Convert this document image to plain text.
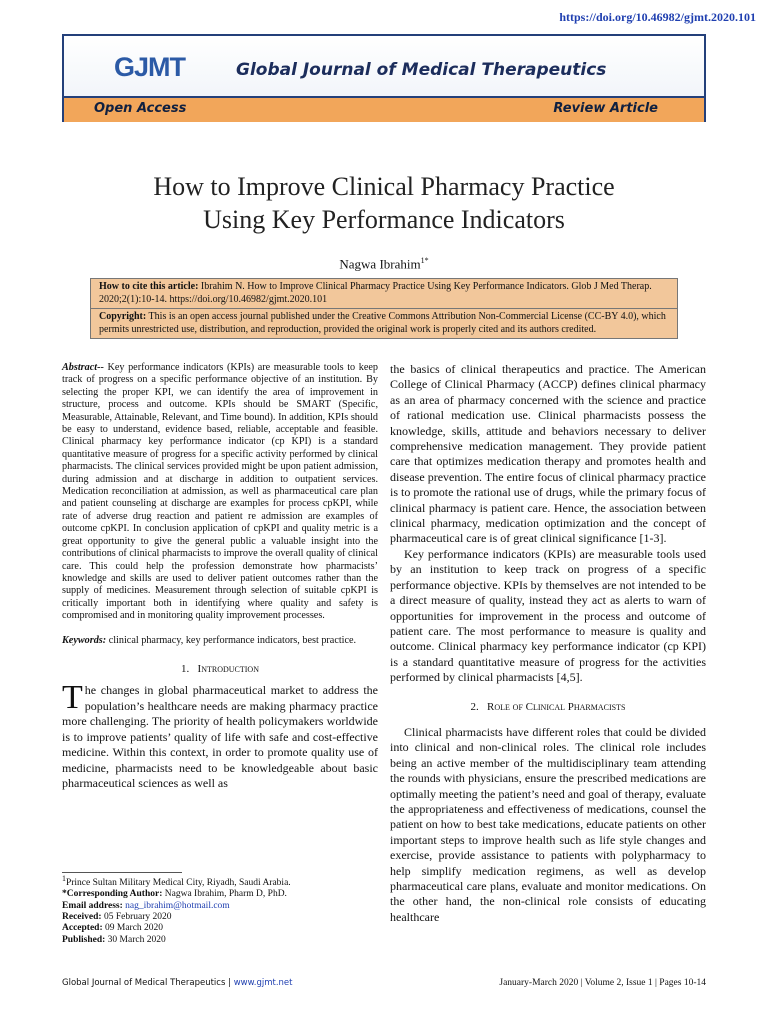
https://doi.org/10.46982/gjmt.2020.101
GJMT	Global Journal of Medical Therapeutics
Open Access	Review Article
How to Improve Clinical Pharmacy Practice
Using Key Performance Indicators
Nagwa Ibrahim$^{1*}$
How to cite this article: Ibrahim N. How to Improve Clinical Pharmacy Practice Using Key Performance Indicators. Glob J Med Therap. 2020;2(1):10-14. https://doi.org/10.46982/gjmt.2020.101
Copyright: This is an open access journal published under the Creative Commons Attribution Non-Commercial License (CC-BY 4.0), which permits unrestricted use, distribution, and reproduction, provided the original work is properly cited and its authors credited.

Abstract-- Key performance indicators (KPIs) are measurable tools to keep track of progress on a specific performance objective of an institution. By selecting the proper KPI, we can identify the area of improvement in structure, process and outcome. KPIs should be SMART (Specific, Measurable, Attainable, Relevant, and Time bound). In addition, KPIs should be easy to understand, evidence based, reliable, acceptable and feasible. Clinical pharmacy key performance indicator (cp KPI) is a standard quantitative measure of progress for a specific activity performed by clinical pharmacists. The clinical services provided might be upon patient admission, during admission and at discharge in addition to outpatient services. Medication reconciliation at admission, as well as pharmaceutical care plan and patient counseling at discharge are examples for process cpKPI, while rate of adverse drug reaction and patient re admission are examples of outcome cpKPI. In conclusion application of cpKPI and quality metric is a great opportunity to give the general public a valuable insight into the contributions of clinical pharmacists to improve the overall quality of clinical care. This could help the profession demonstrate how pharmacists’ knowledge and skills are used to deliver patient outcomes rather than the supply of medicines. Measurement through selection of suitable cpKPI is critically important both in identifying where quality and safety is compromised and in monitoring quality improvement processes.

Keywords: clinical pharmacy, key performance indicators, best practice.

1. Introduction

The changes in global pharmaceutical market to address the population’s healthcare needs are making pharmacy practice more challenging. The priority of health policymakers worldwide is to improve patients’ quality of life with safe and cost-effective medicine. Within this context, in order to promote quality use of medicine, pharmacists need to be knowledgeable about basic pharmaceutical sciences as well as

the basics of clinical therapeutics and practice. The American College of Clinical Pharmacy (ACCP) defines clinical pharmacy as an area of pharmacy concerned with the science and practice of rational medication use. Clinical pharmacists possess the knowledge, skills, attitude and behaviors necessary to deliver comprehensive medication management. They provide patient care that optimizes medication therapy and promotes health and disease prevention. The entire focus of clinical pharmacy practice is to promote the rational use of drugs, while the primary focus of clinical pharmacy is patient care. Hence, the association between clinical pharmacy, medication optimization and the concept of pharmaceutical care is of great clinical significance [1-3].

Key performance indicators (KPIs) are measurable tools used by an institution to keep track on progress of a specific performance objective. KPIs by themselves are not intended to be a direct measure of quality, instead they act as alerts to warn of opportunities for improvement in the process and outcome of patient care. The most performance to measure is quality and outcome. Clinical pharmacy key performance indicator (cp KPI) is a standard quantitative measure of progress for the activities performed by clinical pharmacists [4,5].

2. Role of Clinical Pharmacists

Clinical pharmacists have different roles that could be divided into clinical and non-clinical roles. The clinical role includes being an active member of the multidisciplinary team attending the rounds with physicians, ensure the prescribed medications are optimally meeting the patient’s need and goal of therapy, evaluate the appropriateness and effectiveness of medications, counsel the patient on how to best take medications, educate patients on other important steps to improve health such as life style changes and exercise, provide assistance to patients with polypharmacy to help simplify medication regimens, as well as develop pharmaceutical care plans, evaluate and monitor medications. On the other hand, the non-clinical role consists of educating healthcare

$^1$Prince Sultan Military Medical City, Riyadh, Saudi Arabia.
*Corresponding Author: Nagwa Ibrahim, Pharm D, PhD.
Email address: nag_ibrahim@hotmail.com
Received: 05 February 2020
Accepted: 09 March 2020
Published: 30 March 2020
Global Journal of Medical Therapeutics | www.gjmt.net	January-March 2020 | Volume 2, Issue 1 | Pages 10-14
